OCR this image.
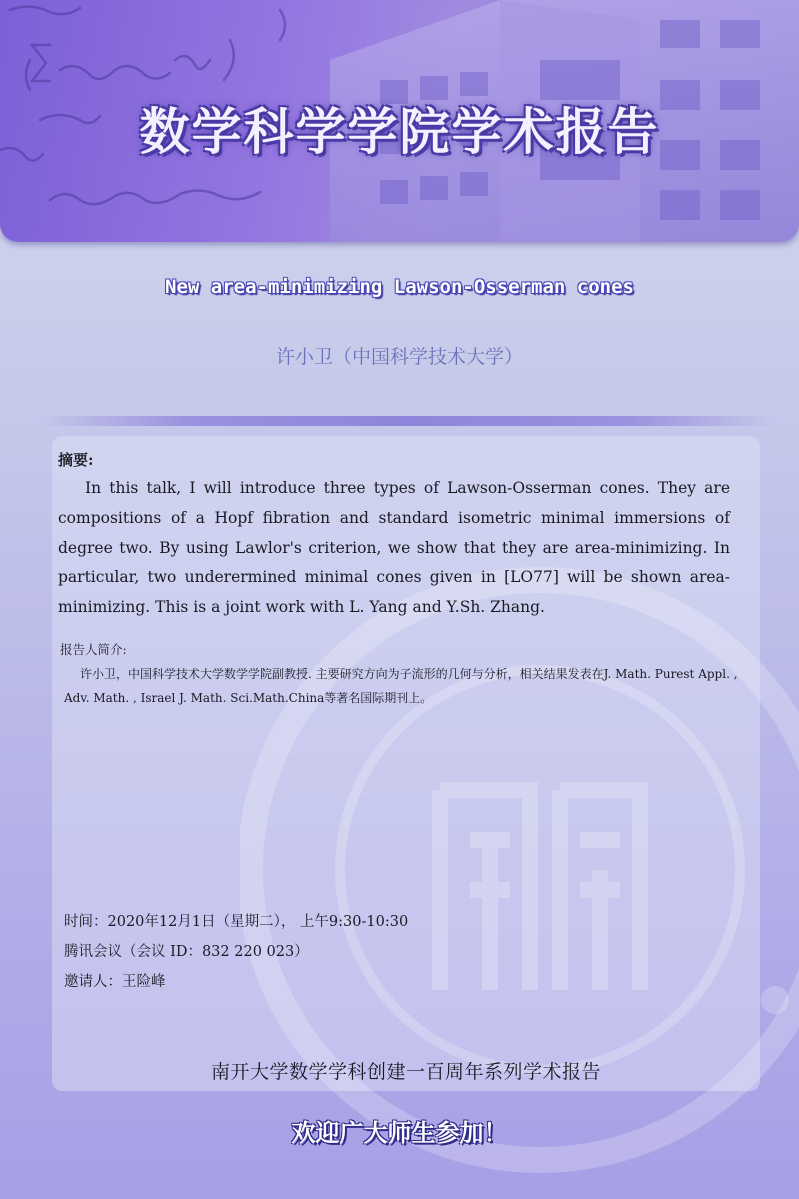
数学科学学院学术报告
New area-minimizing Lawson-Osserman cones
许小卫（中国科学技术大学）
摘要:
In this talk, I will introduce three types of Lawson-Osserman cones. They are compositions of a Hopf fibration and standard isometric minimal immersions of degree two. By using Lawlor's criterion, we show that they are area-minimizing. In particular, two underermined minimal cones given in [LO77] will be shown area-minimizing. This is a joint work with L. Yang and Y.Sh. Zhang.
报告人简介:
许小卫，中国科学技术大学数学学院副教授. 主要研究方向为子流形的几何与分析，相关结果发表在J. Math. Purest Appl. , Adv. Math. , Israel J. Math. Sci.Math.China等著名国际期刊上。
时间：2020年12月1日（星期二）， 上午9:30-10:30
腾讯会议（会议 ID：832 220 023）
邀请人：王险峰
南开大学数学学科创建一百周年系列学术报告
欢迎广大师生参加！
